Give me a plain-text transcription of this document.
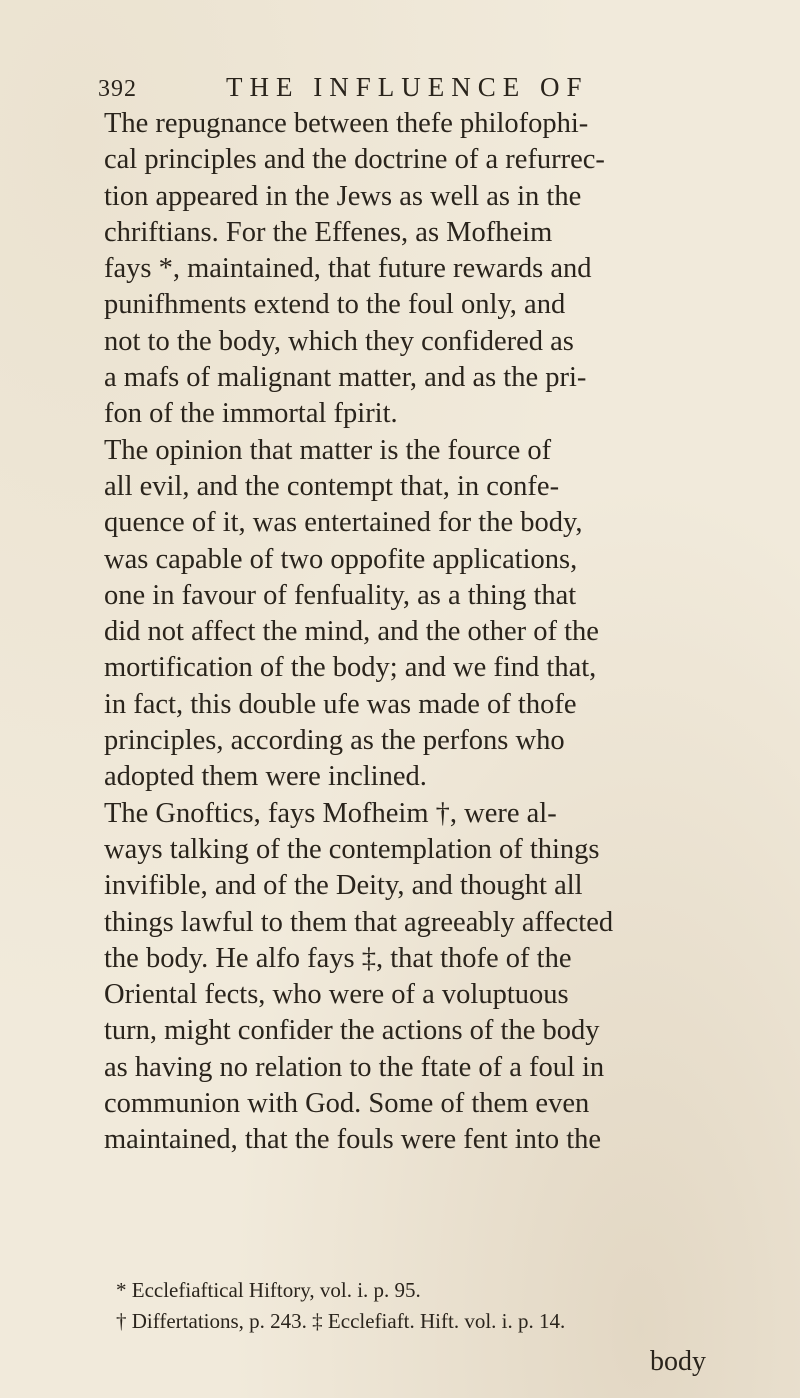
392	THE INFLUENCE OF
The repugnance between thefe philofophi-
cal principles and the doctrine of a refurrec-
tion appeared in the Jews as well as in the
chriftians. For the Effenes, as Mofheim
fays *, maintained, that future rewards and
punifhments extend to the foul only, and
not to the body, which they confidered as
a mafs of malignant matter, and as the pri-
fon of the immortal fpirit.
The opinion that matter is the fource of
all evil, and the contempt that, in confe-
quence of it, was entertained for the body,
was capable of two oppofite applications,
one in favour of fenfuality, as a thing that
did not affect the mind, and the other of the
mortification of the body; and we find that,
in fact, this double ufe was made of thofe
principles, according as the perfons who
adopted them were inclined.
The Gnoftics, fays Mofheim †, were al-
ways talking of the contemplation of things
invifible, and of the Deity, and thought all
things lawful to them that agreeably affected
the body. He alfo fays ‡, that thofe of the
Oriental fects, who were of a voluptuous
turn, might confider the actions of the body
as having no relation to the ftate of a foul in
communion with God. Some of them even
maintained, that the fouls were fent into the
* Ecclefiaftical Hiftory, vol. i. p. 95.
† Differtations, p. 243. ‡ Ecclefiaft. Hift. vol. i. p. 14.
body
